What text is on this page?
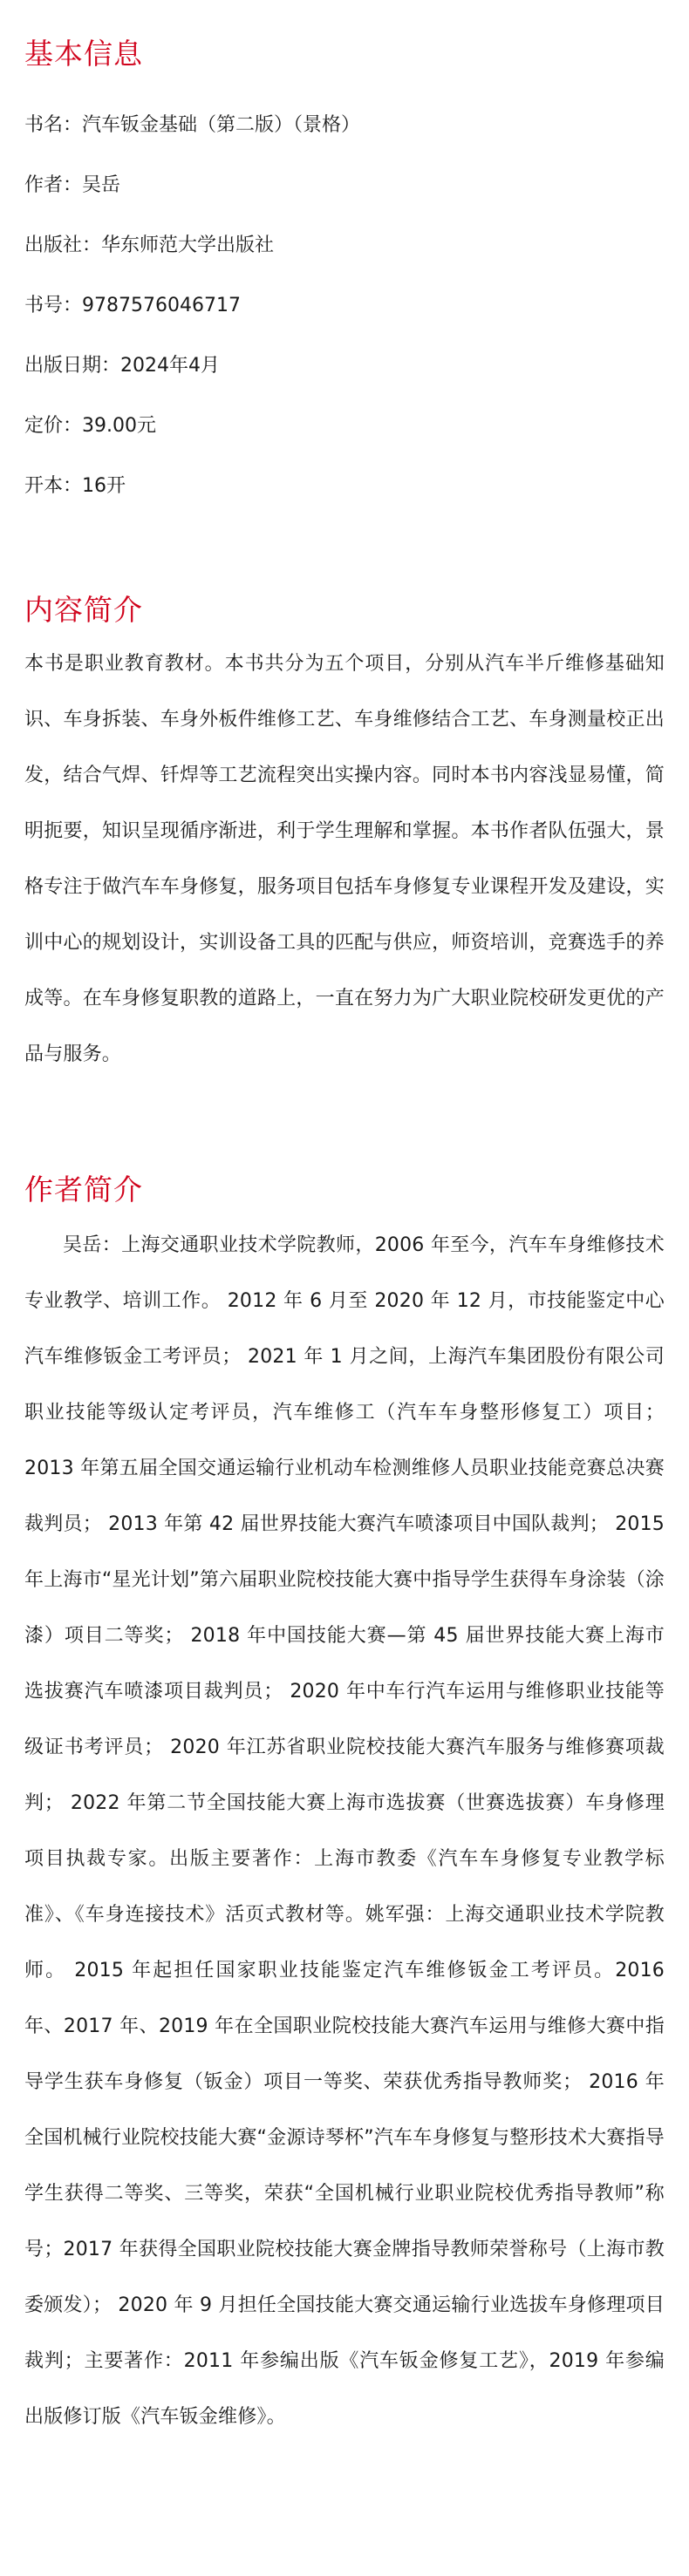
基本信息
书名：汽车钣金基础（第二版）（景格）
作者：吴岳
出版社：华东师范大学出版社
书号：9787576046717
出版日期：2024年4月
定价：39.00元
开本：16开
内容简介

本书是职业教育教材。本书共分为五个项目，分别从汽车半斤维修基础知识、车身拆装、车身外板件维修工艺、车身维修结合工艺、车身测量校正出发，结合气焊、钎焊等工艺流程突出实操内容。同时本书内容浅显易懂，简明扼要，知识呈现循序渐进，利于学生理解和掌握。本书作者队伍强大，景格专注于做汽车车身修复，服务项目包括车身修复专业课程开发及建设，实训中心的规划设计，实训设备工具的匹配与供应，师资培训，竞赛选手的养成等。在车身修复职教的道路上，一直在努力为广大职业院校研发更优的产品与服务。

作者简介

吴岳：上海交通职业技术学院教师，2006 年至今，汽车车身维修技术专业教学、培训工作。 2012 年 6 月至 2020 年 12 月，市技能鉴定中心汽车维修钣金工考评员； 2021 年 1 月之间，上海汽车集团股份有限公司职业技能等级认定考评员，汽车维修工（汽车车身整形修复工）项目； 2013 年第五届全国交通运输行业机动车检测维修人员职业技能竞赛总决赛裁判员； 2013 年第 42 届世界技能大赛汽车喷漆项目中国队裁判； 2015 年上海市“星光计划”第六届职业院校技能大赛中指导学生获得车身涂装（涂漆）项目二等奖； 2018 年中国技能大赛—第 45 届世界技能大赛上海市选拔赛汽车喷漆项目裁判员； 2020 年中车行汽车运用与维修职业技能等级证书考评员； 2020 年江苏省职业院校技能大赛汽车服务与维修赛项裁判； 2022 年第二节全国技能大赛上海市选拔赛（世赛选拔赛）车身修理项目执裁专家。出版主要著作：上海市教委《汽车车身修复专业教学标准》、《车身连接技术》活页式教材等。姚军强：上海交通职业技术学院教师。 2015 年起担任国家职业技能鉴定汽车维修钣金工考评员。2016 年、2017 年、2019 年在全国职业院校技能大赛汽车运用与维修大赛中指导学生获车身修复（钣金）项目一等奖、荣获优秀指导教师奖； 2016 年全国机械行业院校技能大赛“金源诗琴杯”汽车车身修复与整形技术大赛指导学生获得二等奖、三等奖，荣获“全国机械行业职业院校优秀指导教师”称号；2017 年获得全国职业院校技能大赛金牌指导教师荣誉称号（上海市教委颁发）； 2020 年 9 月担任全国技能大赛交通运输行业选拔车身修理项目裁判；主要著作：2011 年参编出版《汽车钣金修复工艺》，2019 年参编出版修订版《汽车钣金维修》。
